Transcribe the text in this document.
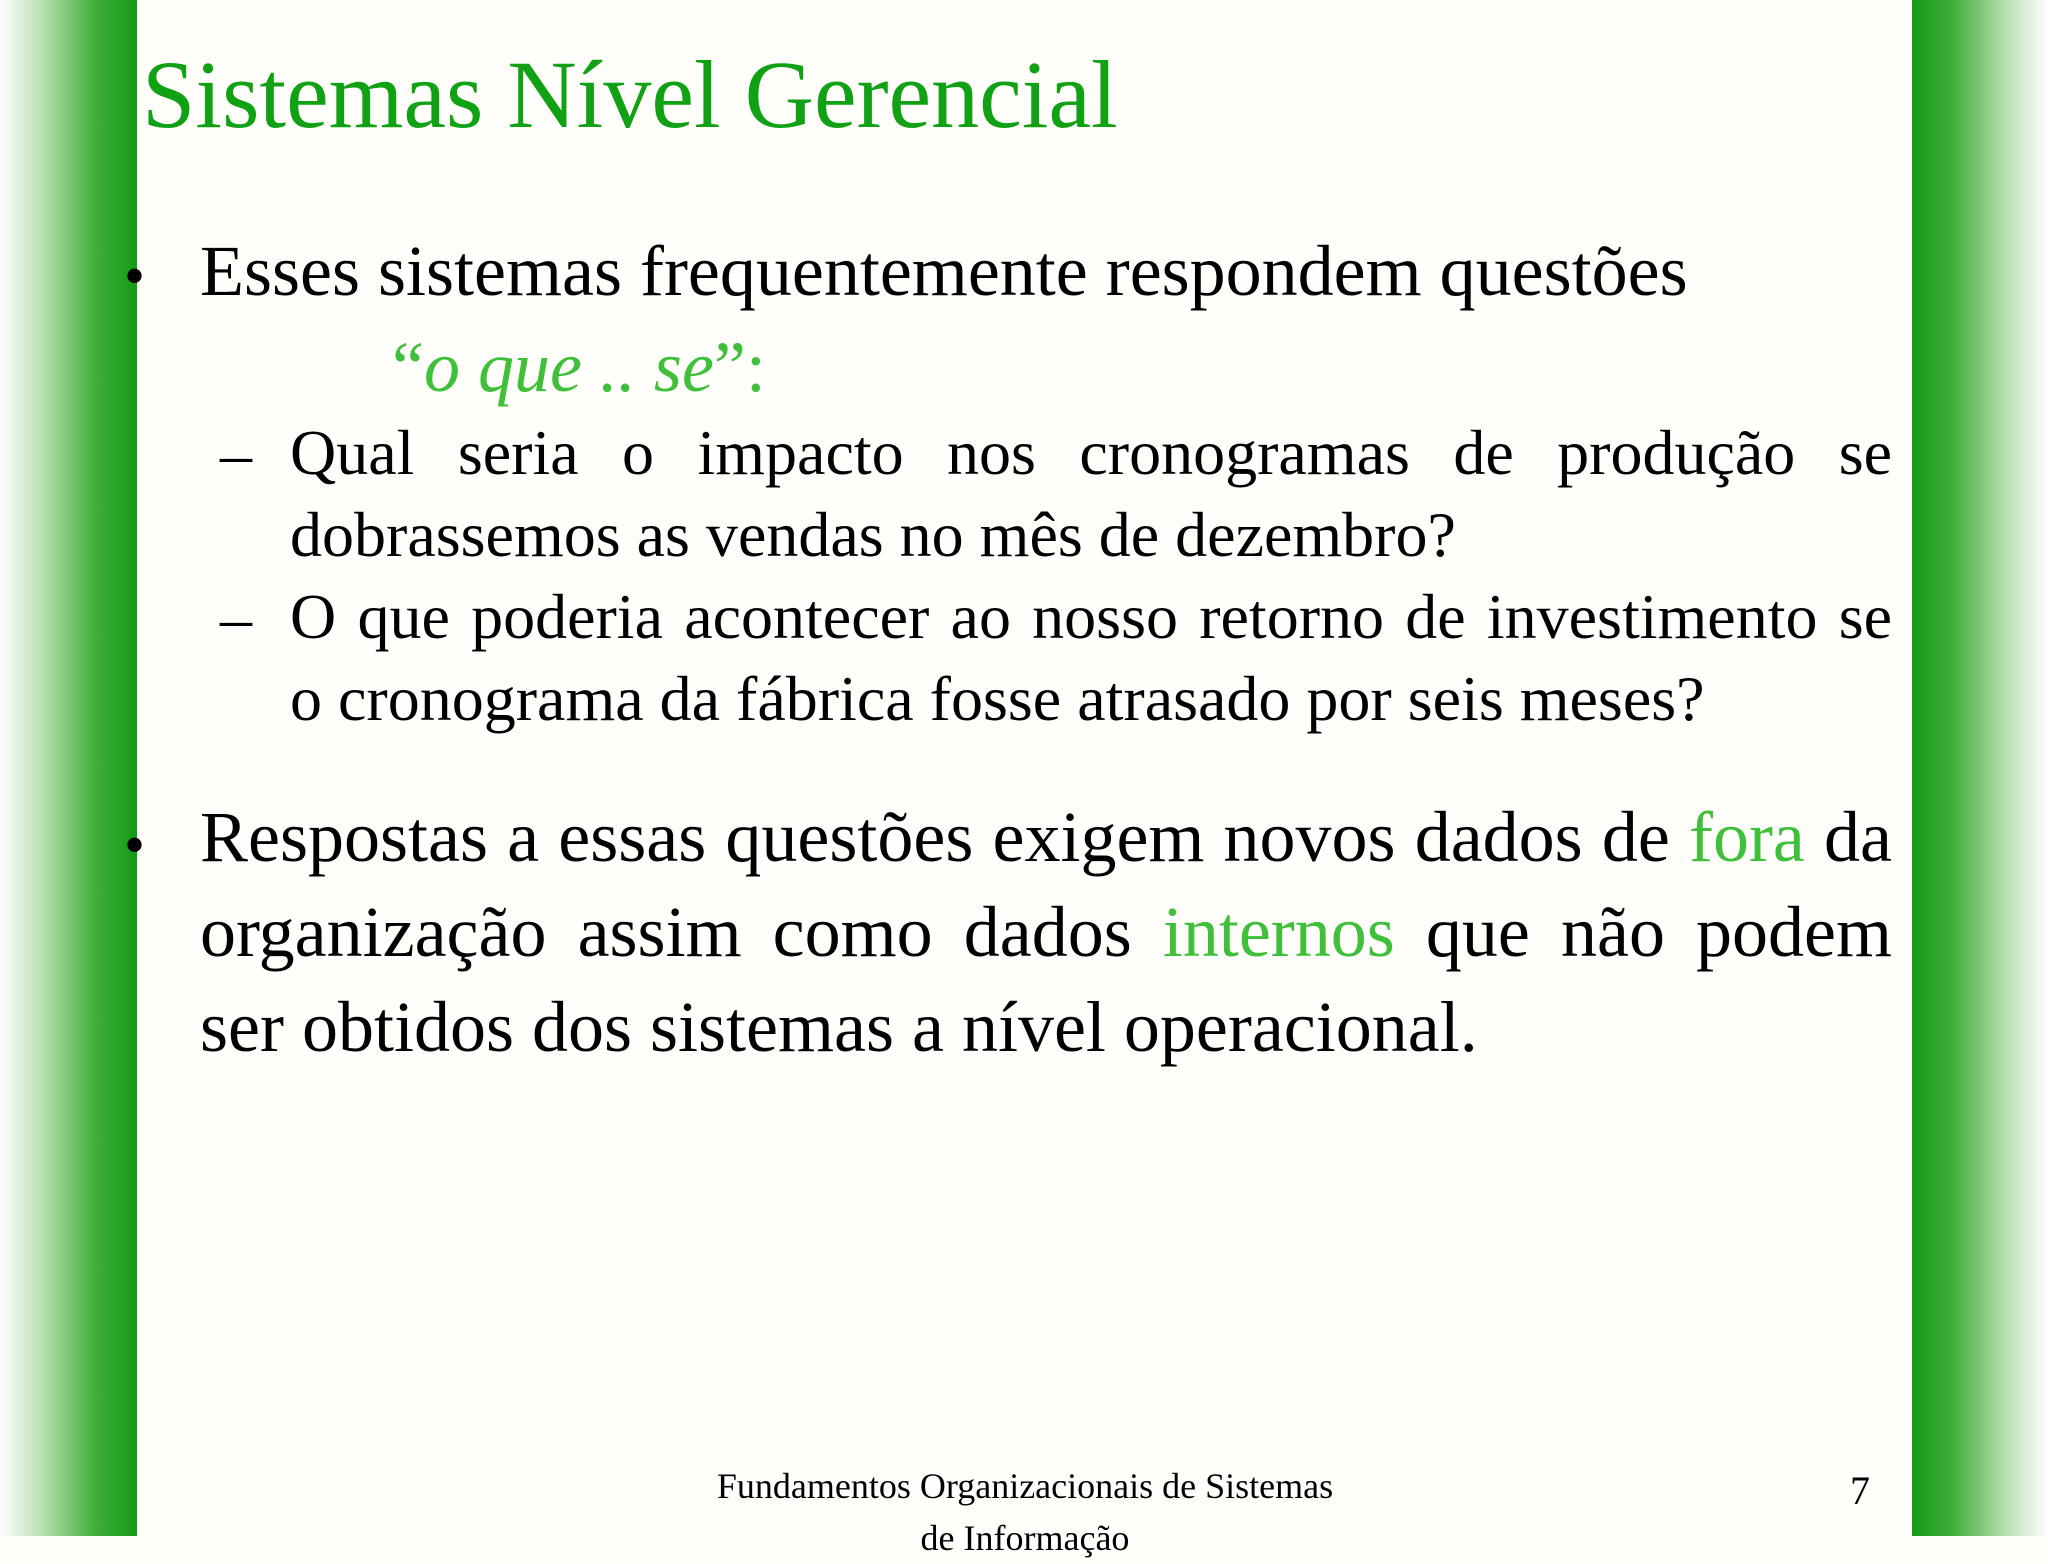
Sistemas Nível Gerencial
• Esses sistemas frequentemente respondem questões
“o que .. se”:
– Qual seria o impacto nos cronogramas de produção se dobrassemos as vendas no mês de dezembro?
– O que poderia acontecer ao nosso retorno de investimento se o cronograma da fábrica fosse atrasado por seis meses?
• Respostas a essas questões exigem novos dados de fora da organização assim como dados internos que não podem ser obtidos dos sistemas a nível operacional.
Fundamentos Organizacionais de Sistemas de Informação
7
